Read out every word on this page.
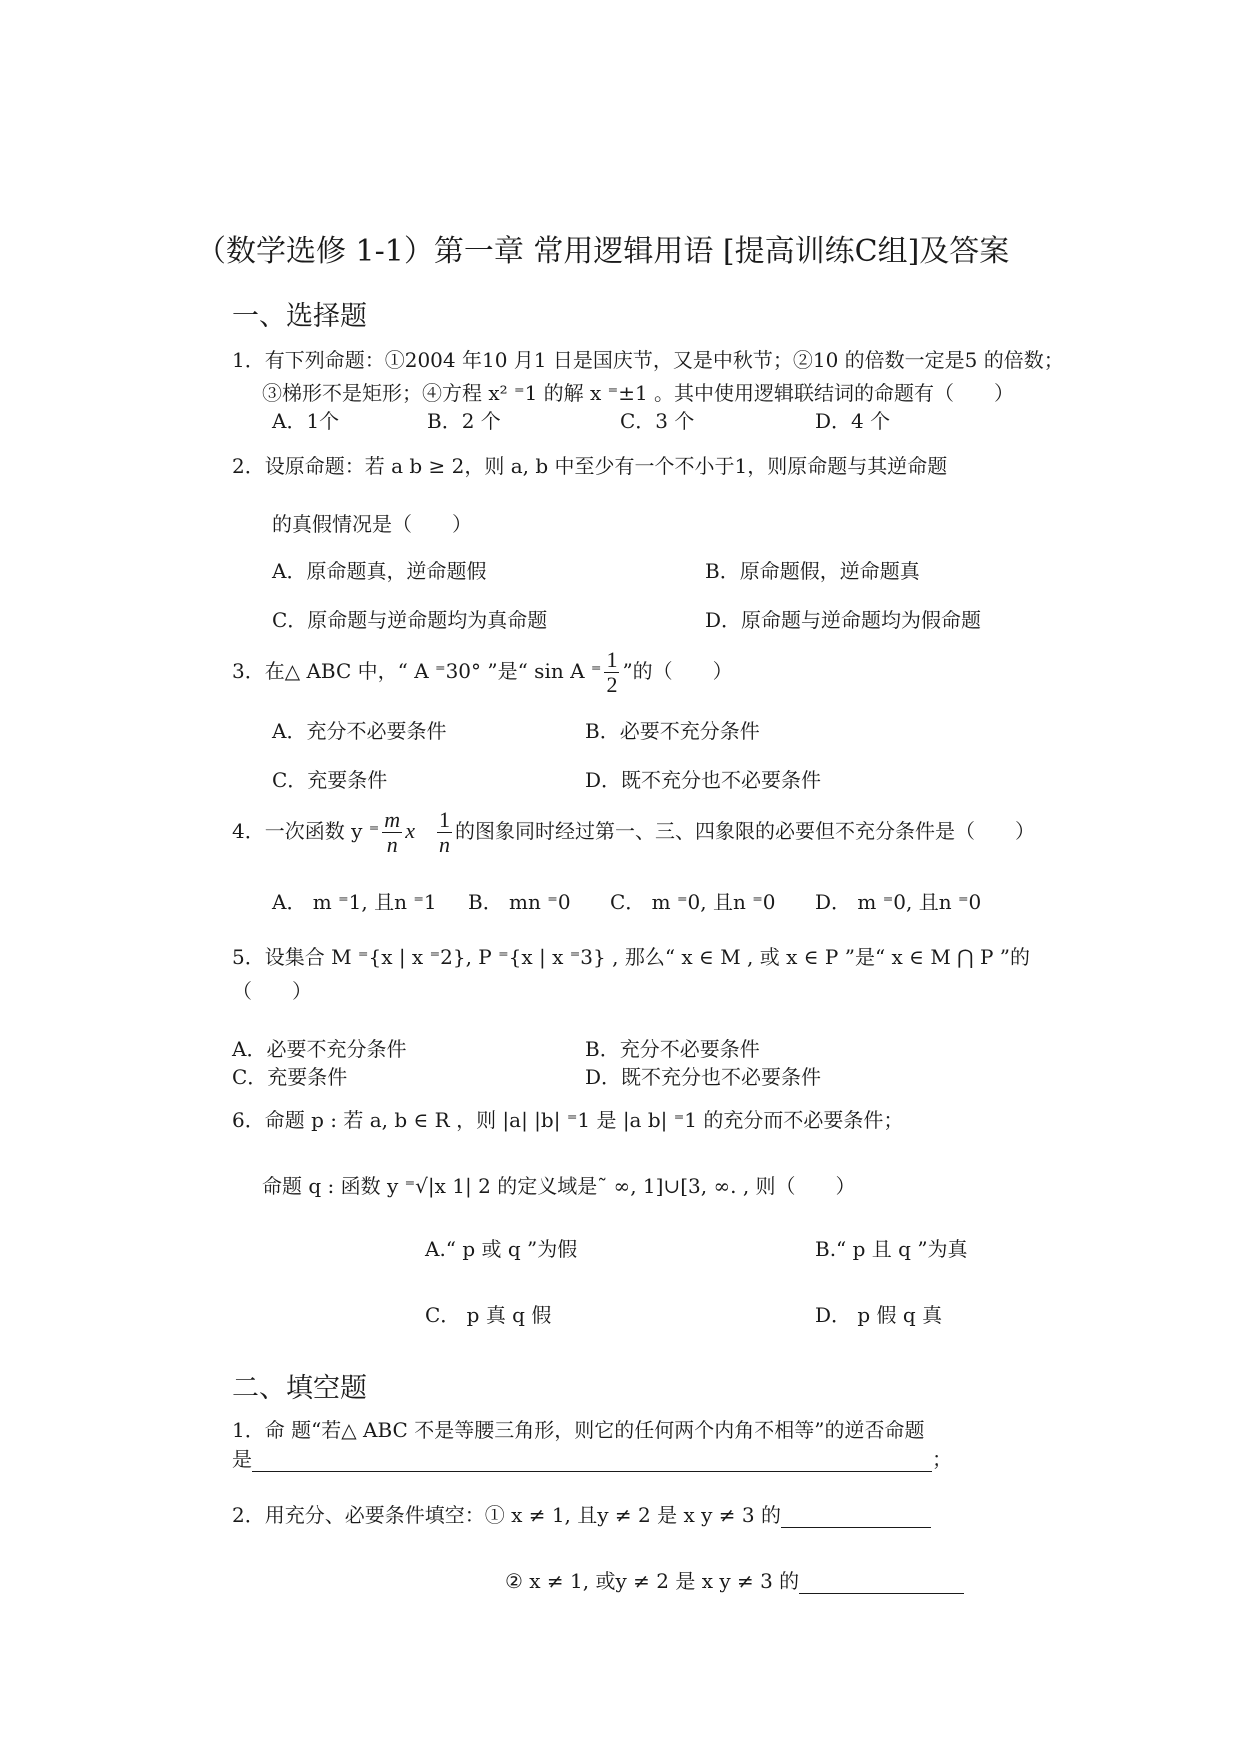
（数学选修 1-1）第一章 常用逻辑用语 [提高训练C组]及答案
一、选择题
1．有下列命题：①2004 年10 月1 日是国庆节，又是中秋节；②10 的倍数一定是5 的倍数；
③梯形不是矩形；④方程 x² ⁼1 的解 x ⁼±1 。其中使用逻辑联结词的命题有（　　）
A．1个	B．2 个	C．3 个	D．4 个
2．设原命题：若 a b ≥ 2，则 a, b 中至少有一个不小于1，则原命题与其逆命题
的真假情况是（　　）
A．原命题真，逆命题假	B．原命题假，逆命题真
C．原命题与逆命题均为真命题	D．原命题与逆命题均为假命题
3．在△ ABC 中，“ A ⁼30° ”是“ sin A ⁼ $\frac{1}{2}$ ”的（　　）
A．充分不必要条件	B．必要不充分条件
C．充要条件	D．既不充分也不必要条件
4．一次函数 y ⁼ $\frac{m}{n}$ x $\frac{1}{n}$ 的图象同时经过第一、三、四象限的必要但不充分条件是（　　）
A． m ⁼1, 且n ⁼1 B． mn ⁼0 C． m ⁼0, 且n ⁼0 D． m ⁼0, 且n ⁼0
5．设集合 M ⁼{x | x ⁼2}, P ⁼{x | x ⁼3} , 那么“ x ∈ M , 或 x ∈ P ”是“ x ∈ M ⋂ P ”的
（　　）
A．必要不充分条件	B．充分不必要条件
C．充要条件	D．既不充分也不必要条件
6．命题 p : 若 a, b ∈ R ，则 |a| |b| ⁼1 是 |a b| ⁼1 的充分而不必要条件；
命题 q : 函数 y ⁼√|x 1| 2 的定义域是˜ ∞, 1]∪[3, ∞. , 则（　　）
A.“ p 或 q ”为假	B.“ p 且 q ”为真
C． p 真 q 假	D． p 假 q 真
二、填空题
1．命 题“若△ ABC 不是等腰三角形，则它的任何两个内角不相等”的逆否命题
是	；
2．用充分、必要条件填空：① x ≠ 1, 且y ≠ 2 是 x y ≠ 3 的
② x ≠ 1, 或y ≠ 2 是 x y ≠ 3 的
